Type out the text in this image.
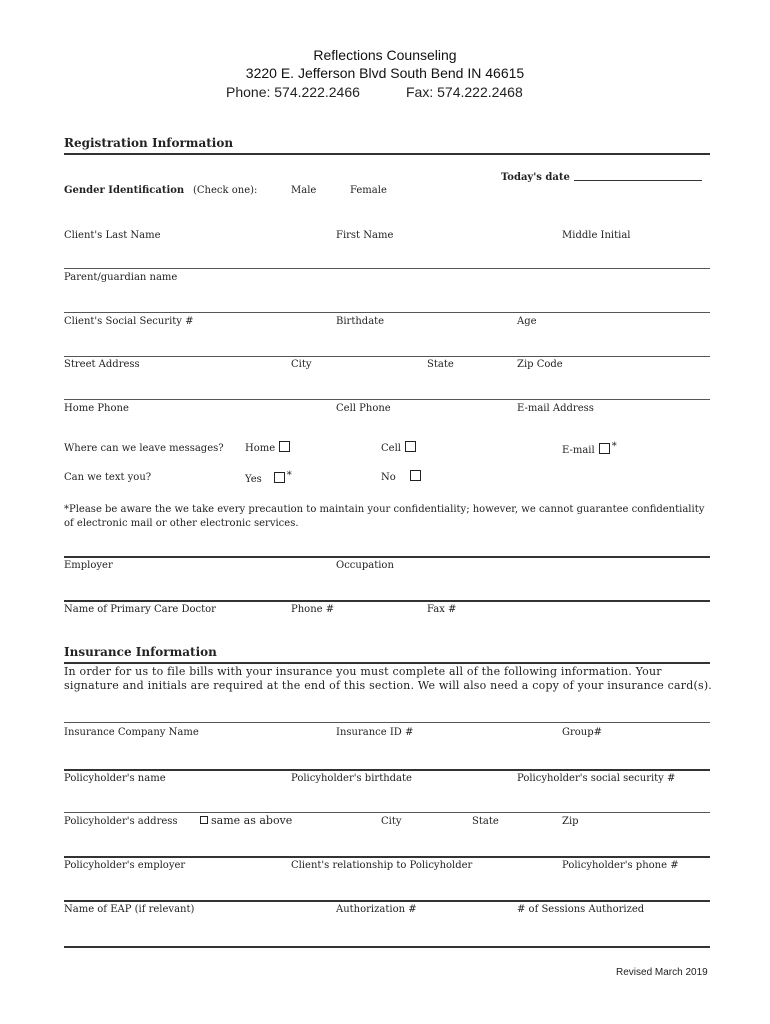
Reflections Counseling
3220 E. Jefferson Blvd South Bend IN 46615
Phone: 574.222.2466	Fax: 574.222.2468
Registration Information
Today's date
Gender Identification (Check one):	Male	Female
Client's Last Name	First Name	Middle Initial
Parent/guardian name
Client's Social Security #	Birthdate	Age
Street Address	City	State	Zip Code
Home Phone	Cell Phone	E-mail Address
Where can we leave messages? Home	Cell	E-mail *
Can we text you?	Yes	*	No
*Please be aware the we take every precaution to maintain your confidentiality; however, we cannot guarantee confidentiality of electronic mail or other electronic services.
Employer	Occupation
Name of Primary Care Doctor	Phone #	Fax #
Insurance Information
In order for us to file bills with your insurance you must complete all of the following information. Your signature and initials are required at the end of this section. We will also need a copy of your insurance card(s).
Insurance Company Name	Insurance ID #	Group#
Policyholder's name	Policyholder's birthdate	Policyholder's social security #
Policyholder's address	same as above	City	State	Zip
Policyholder's employer	Client's relationship to Policyholder	Policyholder's phone #
Name of EAP (if relevant)	Authorization #	# of Sessions Authorized
Revised March 2019
